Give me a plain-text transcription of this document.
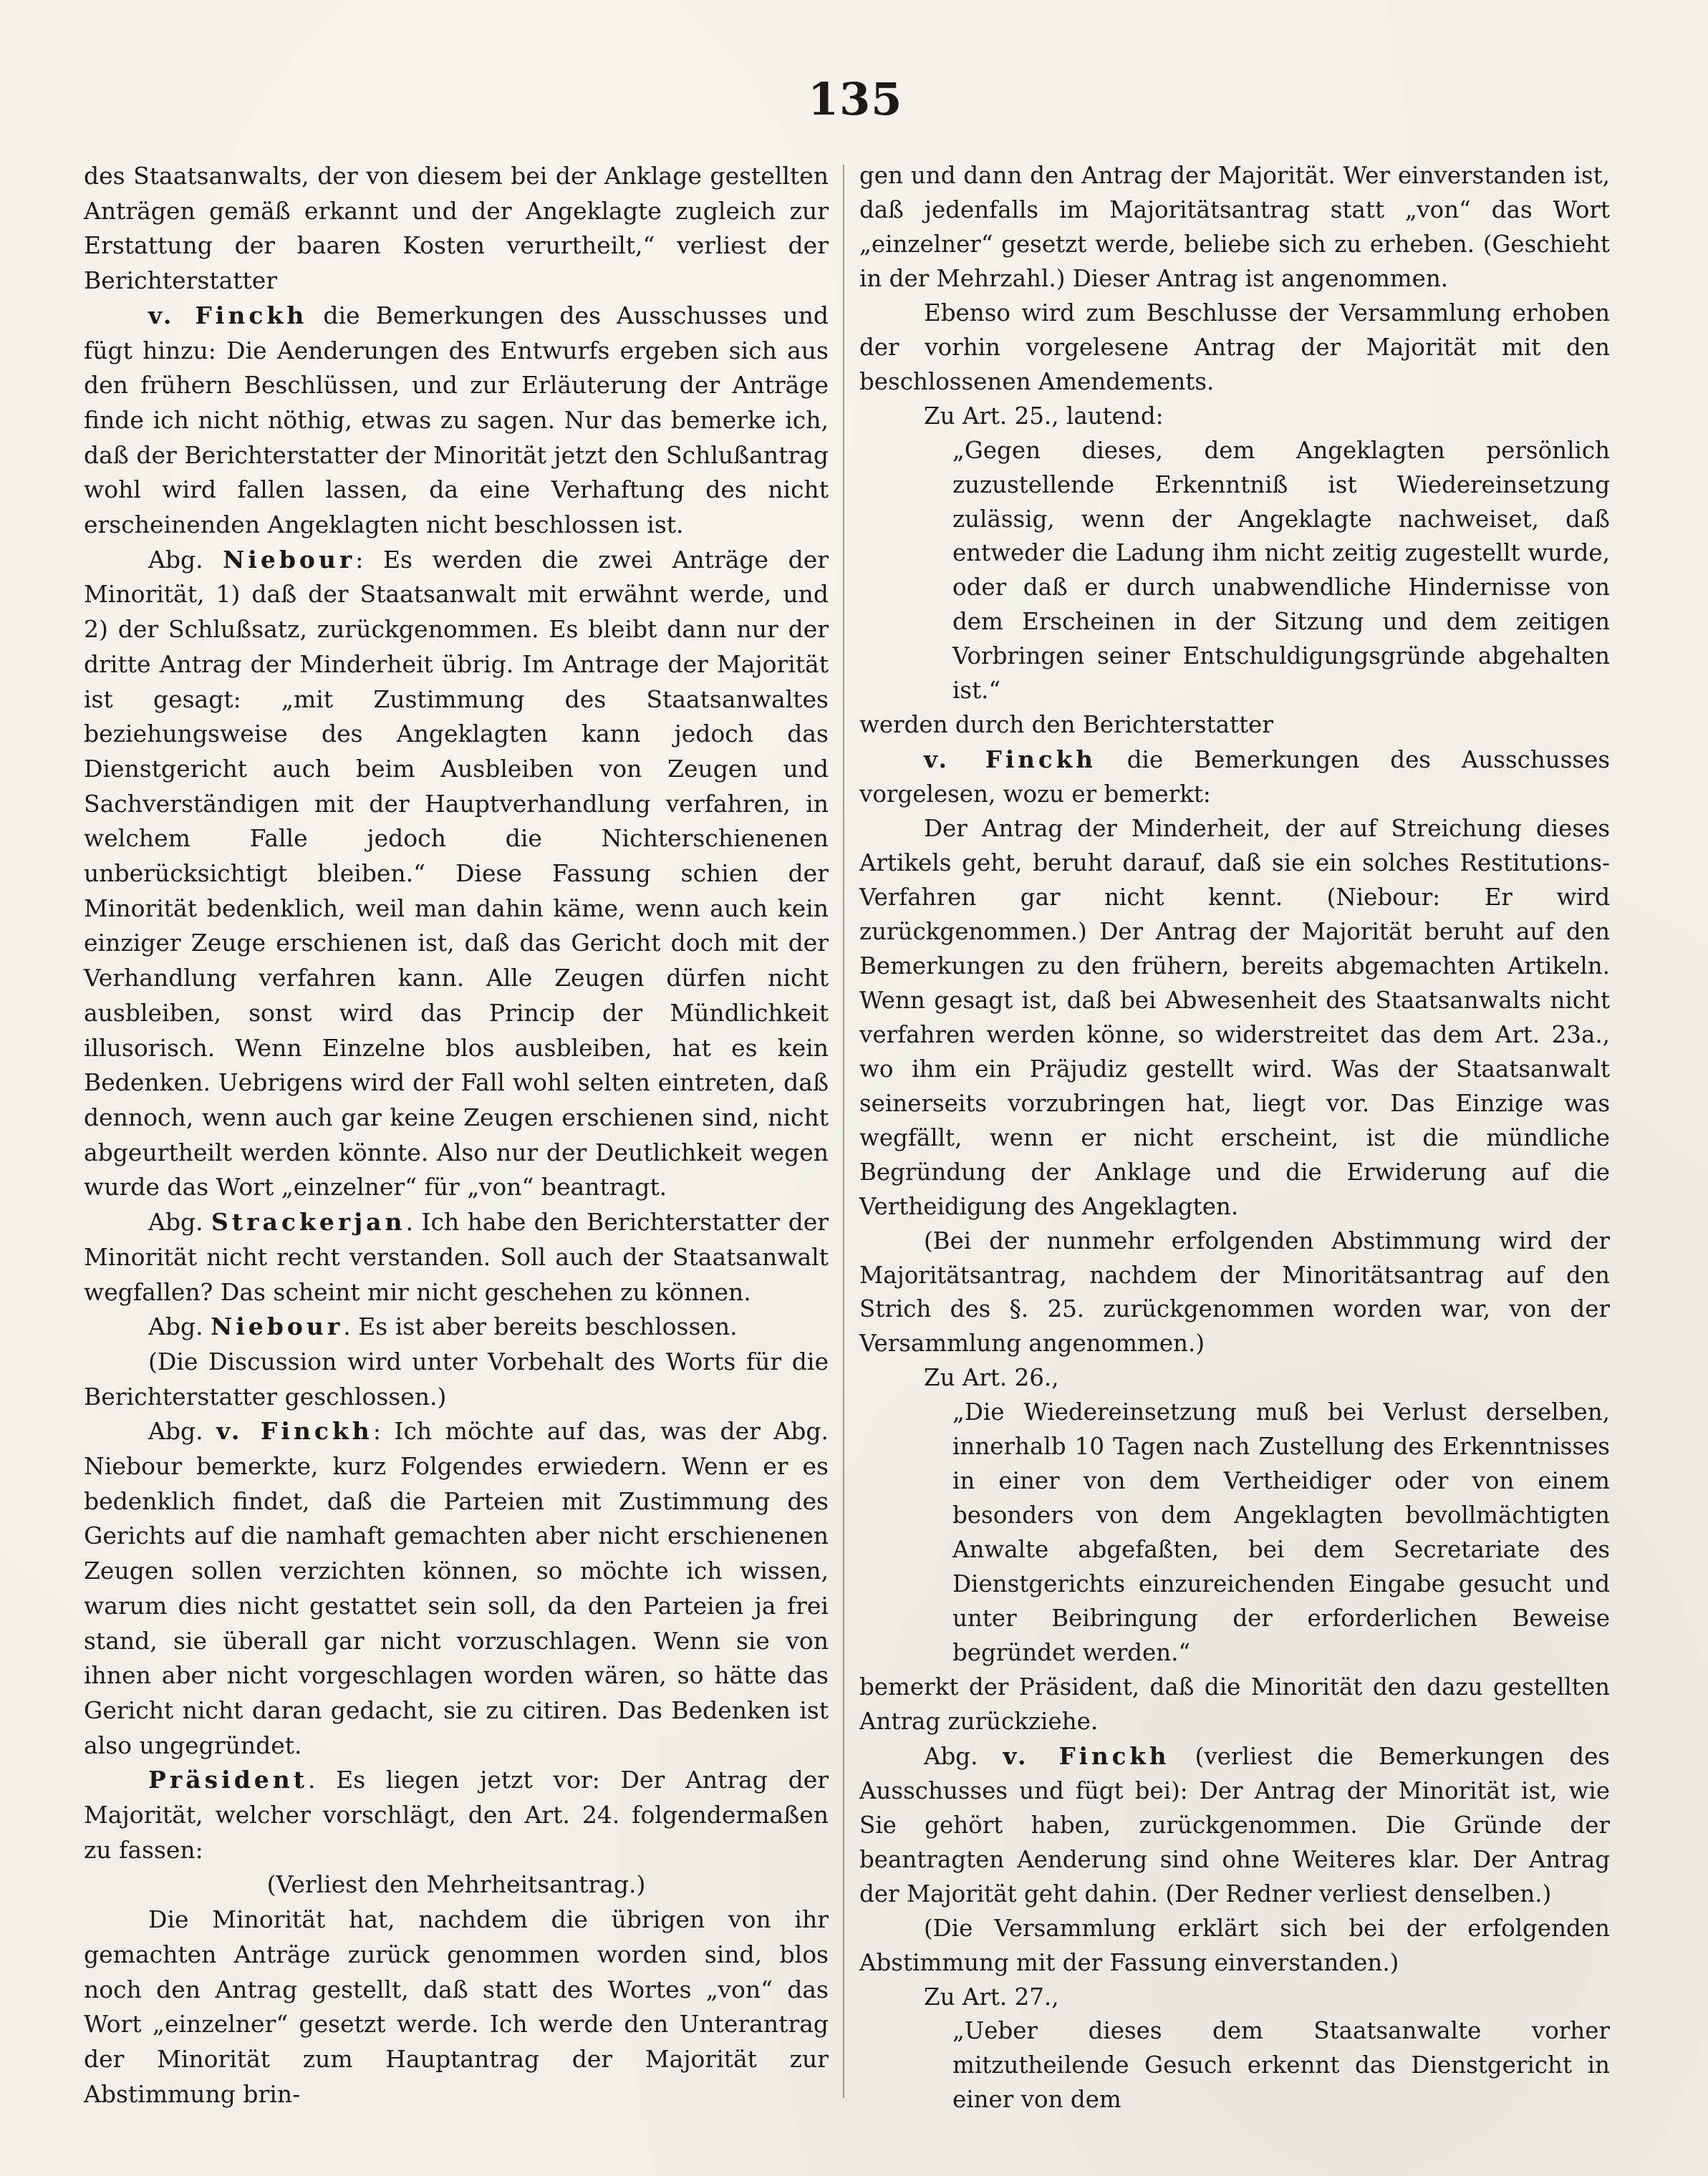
135

des Staatsanwalts, der von diesem bei der Anklage gestellten Anträgen gemäß erkannt und der Angeklagte zugleich zur Erstattung der baaren Kosten verurtheilt,“ verliest der Berichterstatter

v. Finckh die Bemerkungen des Ausschusses und fügt hinzu: Die Aenderungen des Entwurfs ergeben sich aus den frühern Beschlüssen, und zur Erläuterung der Anträge finde ich nicht nöthig, etwas zu sagen. Nur das bemerke ich, daß der Berichterstatter der Minorität jetzt den Schlußantrag wohl wird fallen lassen, da eine Verhaftung des nicht erscheinenden Angeklagten nicht beschlossen ist.

Abg. Niebour: Es werden die zwei Anträge der Minorität, 1) daß der Staatsanwalt mit erwähnt werde, und 2) der Schlußsatz, zurückgenommen. Es bleibt dann nur der dritte Antrag der Minderheit übrig. Im Antrage der Majorität ist gesagt: „mit Zustimmung des Staatsanwaltes beziehungsweise des Angeklagten kann jedoch das Dienstgericht auch beim Ausbleiben von Zeugen und Sachverständigen mit der Hauptverhandlung verfahren, in welchem Falle jedoch die Nichterschienenen unberücksichtigt bleiben.“ Diese Fassung schien der Minorität bedenklich, weil man dahin käme, wenn auch kein einziger Zeuge erschienen ist, daß das Gericht doch mit der Verhandlung verfahren kann. Alle Zeugen dürfen nicht ausbleiben, sonst wird das Princip der Mündlichkeit illusorisch. Wenn Einzelne blos ausbleiben, hat es kein Bedenken. Uebrigens wird der Fall wohl selten eintreten, daß dennoch, wenn auch gar keine Zeugen erschienen sind, nicht abgeurtheilt werden könnte. Also nur der Deutlichkeit wegen wurde das Wort „einzelner“ für „von“ beantragt.

Abg. Strackerjan. Ich habe den Berichterstatter der Minorität nicht recht verstanden. Soll auch der Staatsanwalt wegfallen? Das scheint mir nicht geschehen zu können.

Abg. Niebour. Es ist aber bereits beschlossen.

(Die Discussion wird unter Vorbehalt des Worts für die Berichterstatter geschlossen.)

Abg. v. Finckh: Ich möchte auf das, was der Abg. Niebour bemerkte, kurz Folgendes erwiedern. Wenn er es bedenklich findet, daß die Parteien mit Zustimmung des Gerichts auf die namhaft gemachten aber nicht erschienenen Zeugen sollen verzichten können, so möchte ich wissen, warum dies nicht gestattet sein soll, da den Parteien ja frei stand, sie überall gar nicht vorzuschlagen. Wenn sie von ihnen aber nicht vorgeschlagen worden wären, so hätte das Gericht nicht daran gedacht, sie zu citiren. Das Bedenken ist also ungegründet.

Präsident. Es liegen jetzt vor: Der Antrag der Majorität, welcher vorschlägt, den Art. 24. folgendermaßen zu fassen:

(Verliest den Mehrheitsantrag.)

Die Minorität hat, nachdem die übrigen von ihr gemachten Anträge zurück genommen worden sind, blos noch den Antrag gestellt, daß statt des Wortes „von“ das Wort „einzelner“ gesetzt werde. Ich werde den Unterantrag der Minorität zum Hauptantrag der Majorität zur Abstimmung brin-

gen und dann den Antrag der Majorität. Wer einverstanden ist, daß jedenfalls im Majoritätsantrag statt „von“ das Wort „einzelner“ gesetzt werde, beliebe sich zu erheben. (Geschieht in der Mehrzahl.) Dieser Antrag ist angenommen.

Ebenso wird zum Beschlusse der Versammlung erhoben der vorhin vorgelesene Antrag der Majorität mit den beschlossenen Amendements.

Zu Art. 25., lautend:

„Gegen dieses, dem Angeklagten persönlich zuzustellende Erkenntniß ist Wiedereinsetzung zulässig, wenn der Angeklagte nachweiset, daß entweder die Ladung ihm nicht zeitig zugestellt wurde, oder daß er durch unabwendliche Hindernisse von dem Erscheinen in der Sitzung und dem zeitigen Vorbringen seiner Entschuldigungsgründe abgehalten ist.“

werden durch den Berichterstatter

v. Finckh die Bemerkungen des Ausschusses vorgelesen, wozu er bemerkt:

Der Antrag der Minderheit, der auf Streichung dieses Artikels geht, beruht darauf, daß sie ein solches Restitutions-Verfahren gar nicht kennt. (Niebour: Er wird zurückgenommen.) Der Antrag der Majorität beruht auf den Bemerkungen zu den frühern, bereits abgemachten Artikeln. Wenn gesagt ist, daß bei Abwesenheit des Staatsanwalts nicht verfahren werden könne, so widerstreitet das dem Art. 23a., wo ihm ein Präjudiz gestellt wird. Was der Staatsanwalt seinerseits vorzubringen hat, liegt vor. Das Einzige was wegfällt, wenn er nicht erscheint, ist die mündliche Begründung der Anklage und die Erwiderung auf die Vertheidigung des Angeklagten.

(Bei der nunmehr erfolgenden Abstimmung wird der Majoritätsantrag, nachdem der Minoritätsantrag auf den Strich des §. 25. zurückgenommen worden war, von der Versammlung angenommen.)

Zu Art. 26.,

„Die Wiedereinsetzung muß bei Verlust derselben, innerhalb 10 Tagen nach Zustellung des Erkenntnisses in einer von dem Vertheidiger oder von einem besonders von dem Angeklagten bevollmächtigten Anwalte abgefaßten, bei dem Secretariate des Dienstgerichts einzureichenden Eingabe gesucht und unter Beibringung der erforderlichen Beweise begründet werden.“

bemerkt der Präsident, daß die Minorität den dazu gestellten Antrag zurückziehe.

Abg. v. Finckh (verliest die Bemerkungen des Ausschusses und fügt bei): Der Antrag der Minorität ist, wie Sie gehört haben, zurückgenommen. Die Gründe der beantragten Aenderung sind ohne Weiteres klar. Der Antrag der Majorität geht dahin. (Der Redner verliest denselben.)

(Die Versammlung erklärt sich bei der erfolgenden Abstimmung mit der Fassung einverstanden.)

Zu Art. 27.,

„Ueber dieses dem Staatsanwalte vorher mitzutheilende Gesuch erkennt das Dienstgericht in einer von dem
